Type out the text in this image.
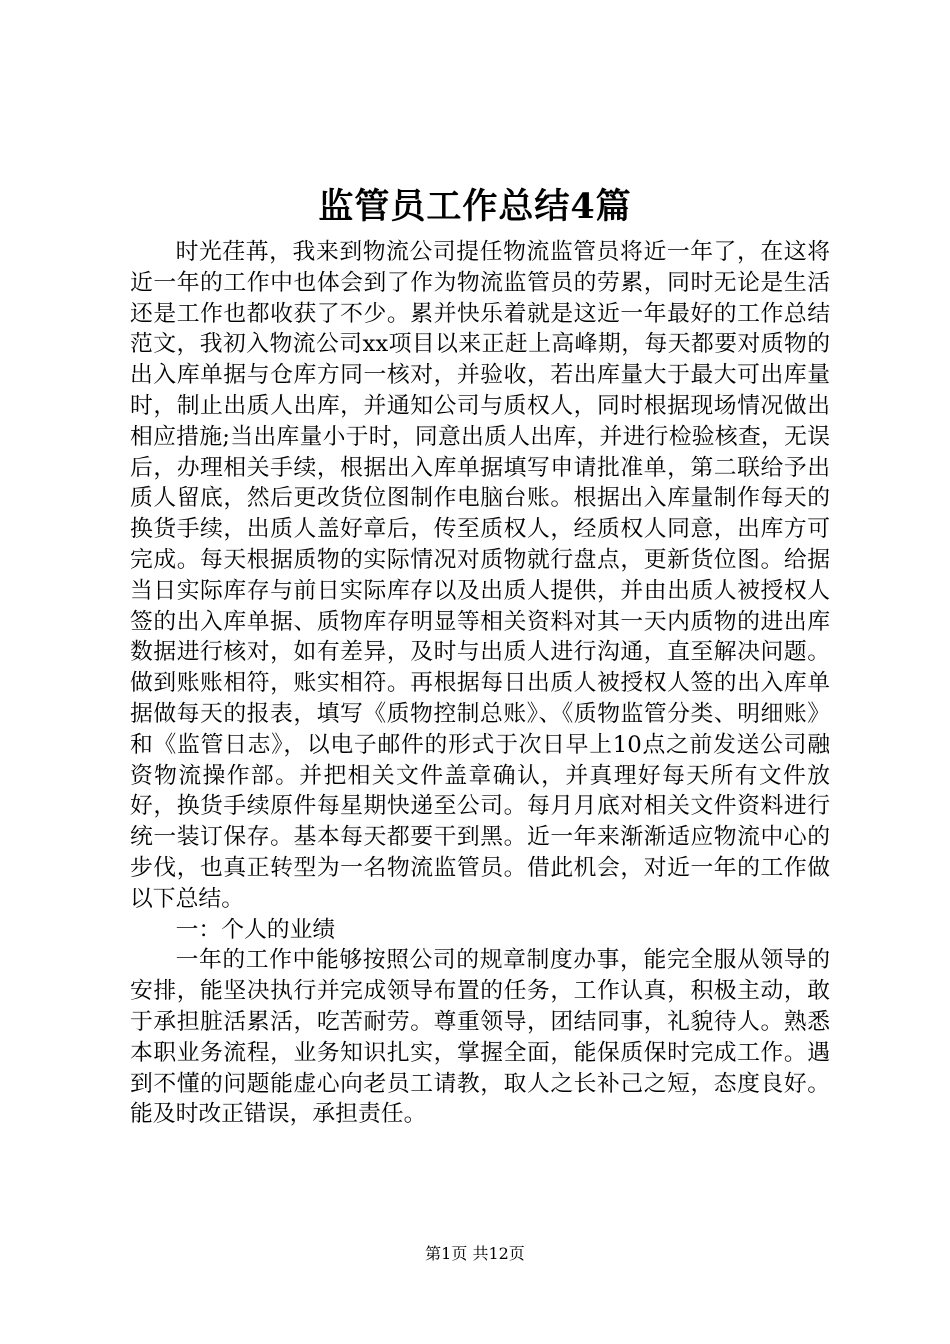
监管员工作总结4篇

时光荏苒，我来到物流公司提任物流监管员将近一年了，在这将近一年的工作中也体会到了作为物流监管员的劳累，同时无论是生活还是工作也都收获了不少。累并快乐着就是这近一年最好的工作总结范文，我初入物流公司xx项目以来正赶上高峰期，每天都要对质物的出入库单据与仓库方同一核对，并验收，若出库量大于最大可出库量时，制止出质人出库，并通知公司与质权人，同时根据现场情况做出相应措施;当出库量小于时，同意出质人出库，并进行检验核查，无误后，办理相关手续，根据出入库单据填写申请批准单，第二联给予出质人留底，然后更改货位图制作电脑台账。根据出入库量制作每天的换货手续，出质人盖好章后，传至质权人，经质权人同意，出库方可完成。每天根据质物的实际情况对质物就行盘点，更新货位图。给据当日实际库存与前日实际库存以及出质人提供，并由出质人被授权人签的出入库单据、质物库存明显等相关资料对其一天内质物的进出库数据进行核对，如有差异，及时与出质人进行沟通，直至解决问题。做到账账相符，账实相符。再根据每日出质人被授权人签的出入库单据做每天的报表，填写《质物控制总账》、《质物监管分类、明细账》和《监管日志》，以电子邮件的形式于次日早上10点之前发送公司融资物流操作部。并把相关文件盖章确认，并真理好每天所有文件放好，换货手续原件每星期快递至公司。每月月底对相关文件资料进行统一装订保存。基本每天都要干到黑。近一年来渐渐适应物流中心的步伐，也真正转型为一名物流监管员。借此机会，对近一年的工作做以下总结。

一：个人的业绩

一年的工作中能够按照公司的规章制度办事，能完全服从领导的安排，能坚决执行并完成领导布置的任务，工作认真，积极主动，敢于承担脏活累活，吃苦耐劳。尊重领导，团结同事，礼貌待人。熟悉本职业务流程，业务知识扎实，掌握全面，能保质保时完成工作。遇到不懂的问题能虚心向老员工请教，取人之长补己之短，态度良好。能及时改正错误，承担责任。

第1页 共12页
